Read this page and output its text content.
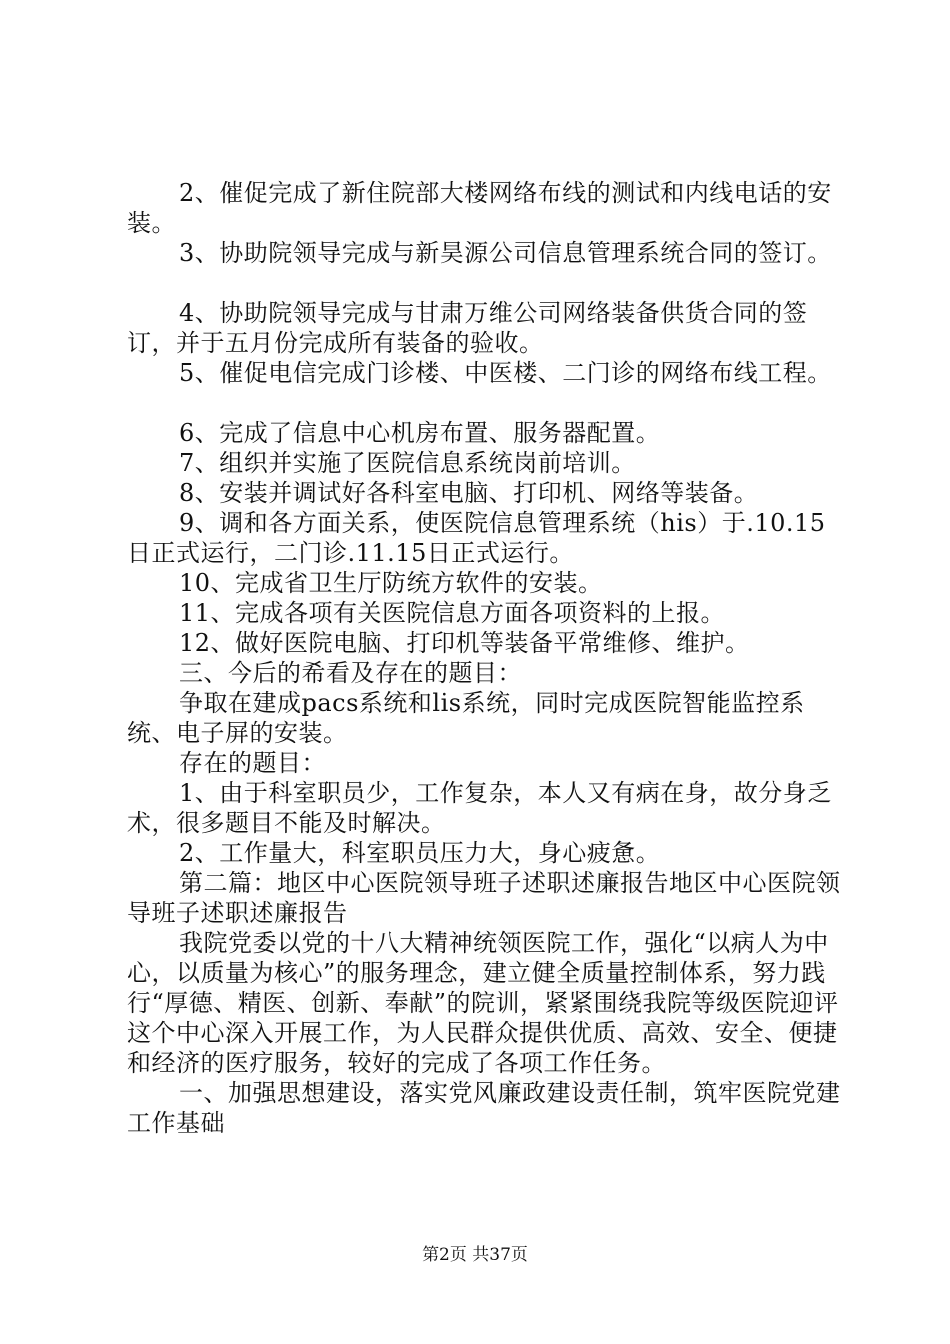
2、催促完成了新住院部大楼网络布线的测试和内线电话的安装。

3、协助院领导完成与新昊源公司信息管理系统合同的签订。

4、协助院领导完成与甘肃万维公司网络装备供货合同的签订，并于五月份完成所有装备的验收。

5、催促电信完成门诊楼、中医楼、二门诊的网络布线工程。

6、完成了信息中心机房布置、服务器配置。

7、组织并实施了医院信息系统岗前培训。

8、安装并调试好各科室电脑、打印机、网络等装备。

9、调和各方面关系，使医院信息管理系统（his）于.10.15日正式运行，二门诊.11.15日正式运行。

10、完成省卫生厅防统方软件的安装。

11、完成各项有关医院信息方面各项资料的上报。

12、做好医院电脑、打印机等装备平常维修、维护。

三、今后的希看及存在的题目：

争取在建成pacs系统和lis系统，同时完成医院智能监控系统、电子屏的安装。

存在的题目：

1、由于科室职员少，工作复杂，本人又有病在身，故分身乏术，很多题目不能及时解决。

2、工作量大，科室职员压力大，身心疲惫。

第二篇：地区中心医院领导班子述职述廉报告地区中心医院领导班子述职述廉报告

我院党委以党的十八大精神统领医院工作，强化“以病人为中心，以质量为核心”的服务理念，建立健全质量控制体系，努力践行“厚德、精医、创新、奉献”的院训，紧紧围绕我院等级医院迎评这个中心深入开展工作，为人民群众提供优质、高效、安全、便捷和经济的医疗服务，较好的完成了各项工作任务。

一、加强思想建设，落实党风廉政建设责任制，筑牢医院党建工作基础

第2页 共37页
